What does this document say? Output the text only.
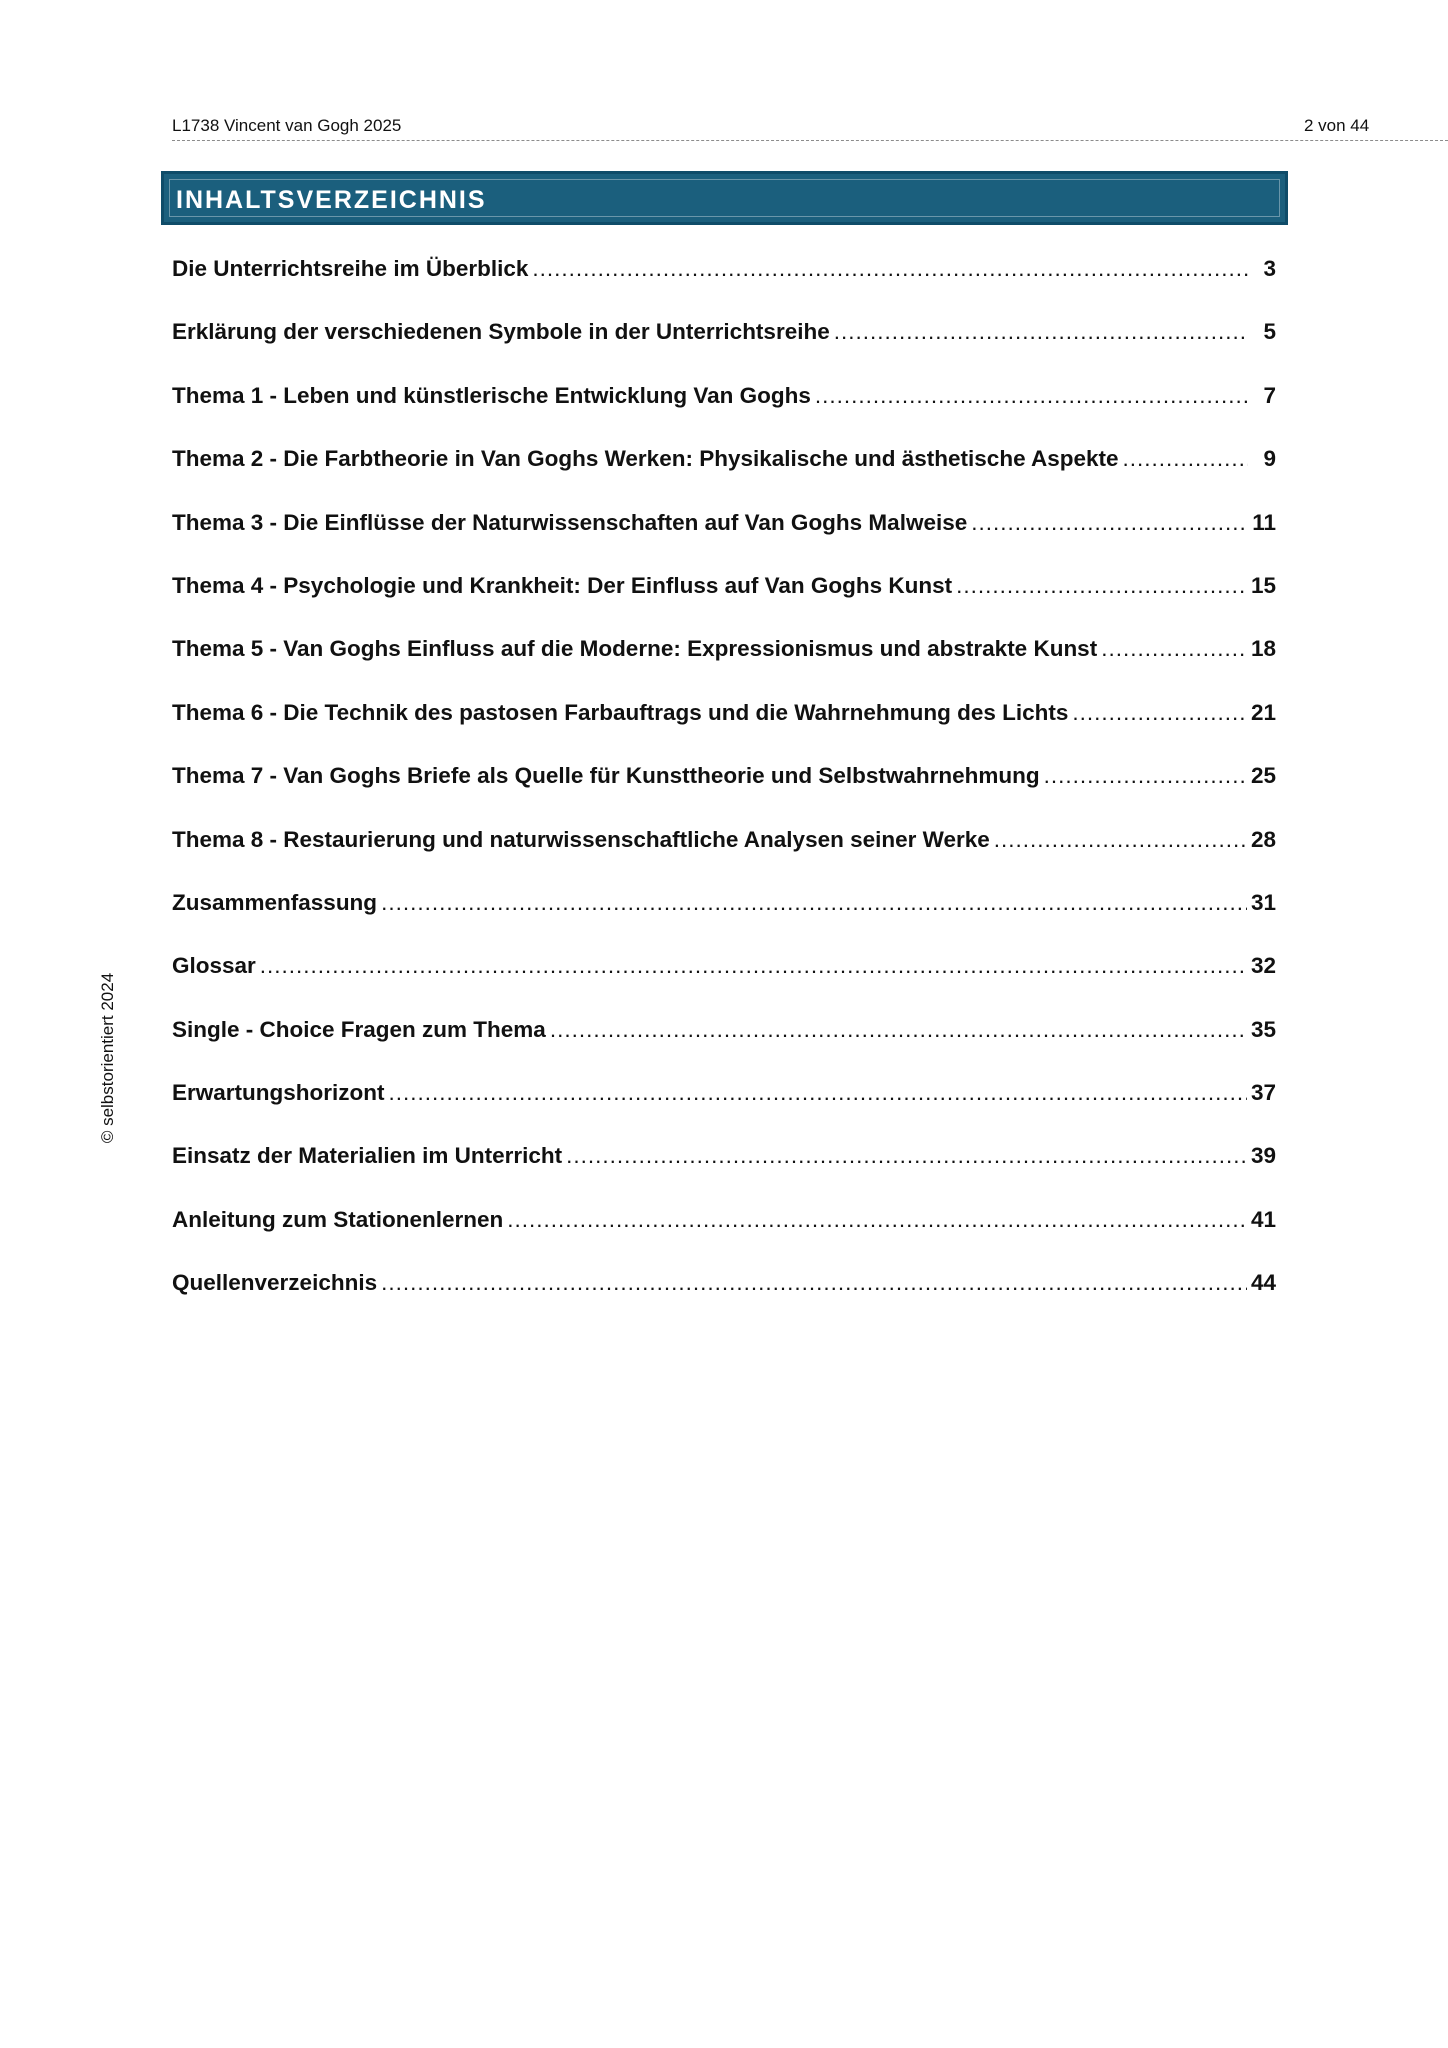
L1738 Vincent van Gogh 2025	2 von 44
© selbstorientiert 2024
INHALTSVERZEICHNIS
Die Unterrichtsreihe im Überblick .....	3
Erklärung der verschiedenen Symbole in der Unterrichtsreihe .....	5
Thema 1 - Leben und künstlerische Entwicklung Van Goghs .....	7
Thema 2 - Die Farbtheorie in Van Goghs Werken: Physikalische und ästhetische Aspekte .....	9
Thema 3 - Die Einflüsse der Naturwissenschaften auf Van Goghs Malweise .....	11
Thema 4 - Psychologie und Krankheit: Der Einfluss auf Van Goghs Kunst .....	15
Thema 5 - Van Goghs Einfluss auf die Moderne: Expressionismus und abstrakte Kunst .....	18
Thema 6 - Die Technik des pastosen Farbauftrags und die Wahrnehmung des Lichts .....	21
Thema 7 - Van Goghs Briefe als Quelle für Kunsttheorie und Selbstwahrnehmung .....	25
Thema 8 - Restaurierung und naturwissenschaftliche Analysen seiner Werke .....	28
Zusammenfassung .....	31
Glossar .....	32
Single - Choice Fragen zum Thema .....	35
Erwartungshorizont .....	37
Einsatz der Materialien im Unterricht .....	39
Anleitung zum Stationenlernen .....	41
Quellenverzeichnis .....	44
